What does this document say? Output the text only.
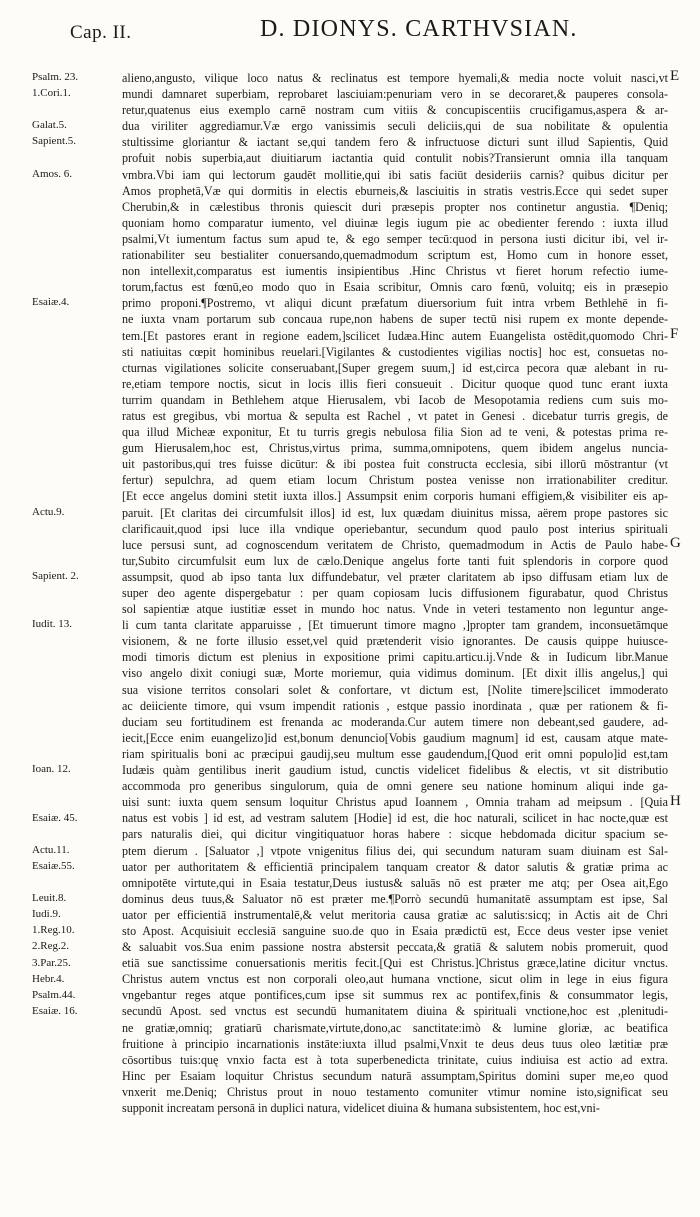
Cap. II.	D. DIONYS. CARTHVSIAN.
Psalm. 23.
1.Cori.1.
Galat.5.
Sapient.5.
Amos. 6.
Esaiæ.4.
Actu.9.
Sapient. 2.
Iudit. 13.
Ioan. 12.
Esaiæ. 45.
Actu.11.
Esaiæ.55.
Leuit.8.
Iudi.9.
1.Reg.10.
2.Reg.2.
3.Par.25.
Hebr.4.
Psalm.44.
Esaiæ. 16.
E
F
G
H
alieno,angusto, vilique loco natus & reclinatus est tempore hyemali,& media nocte voluit nasci,vt
mundi damnaret superbiam, reprobaret lasciuiam:penuriam vero in se decoraret,& pauperes consola-
retur,quatenus eius exemplo carnē nostram cum vitiis & concupiscentiis crucifigamus,aspera & ar-
dua viriliter aggrediamur.Væ ergo vanissimis seculi deliciis,qui de sua nobilitate & opulentia
stultissime gloriantur & iactant se,qui tandem fero & infructuose dicturi sunt illud Sapientis, Quid
profuit nobis superbia,aut diuitiarum iactantia quid contulit nobis?Transierunt omnia illa tanquam
vmbra.Vbi iam qui lectorum gaudēt mollitie,qui ibi satis faciūt desideriis carnis? quibus dicitur per
Amos prophetā,Væ qui dormitis in electis eburneis,& lasciuitis in stratis vestris.Ecce qui sedet super
Cherubin,& in cælestibus thronis quiescit duri præsepis propter nos continetur angustia. ¶Deniq;
quoniam homo comparatur iumento, vel diuinæ legis iugum pie ac obedienter ferendo : iuxta illud
psalmi,Vt iumentum factus sum apud te, & ego semper tecū:quod in persona iusti dicitur ibi, vel ir-
rationabiliter seu bestialiter conuersando,quemadmodum scriptum est, Homo cum in honore esset,
non intellexit,comparatus est iumentis insipientibus .Hinc Christus vt fieret horum refectio iume-
torum,factus est fœnū,eo modo quo in Esaia scribitur, Omnis caro fœnū, voluitq; eis in præsepio
primo proponi.¶Postremo, vt aliqui dicunt præfatum diuersorium fuit intra vrbem Bethlehē in fi-
ne iuxta vnam portarum sub concaua rupe,non habens de super tectū nisi rupem ex monte depende-
tem.[Et pastores erant in regione eadem,]scilicet Iudæa.Hinc autem Euangelista ostēdit,quomodo Chri-
sti natiuitas cœpit hominibus reuelari.[Vigilantes & custodientes vigilias noctis] hoc est, consuetas no-
cturnas vigilationes solicite conseruabant,[Super gregem suum,] id est,circa pecora quæ alebant in ru-
re,etiam tempore noctis, sicut in locis illis fieri consueuit . Dicitur quoque quod tunc erant iuxta
turrim quandam in Bethlehem atque Hierusalem, vbi Iacob de Mesopotamia rediens cum suis mo-
ratus est gregibus, vbi mortua & sepulta est Rachel , vt patet in Genesi . dicebatur turris gregis, de
qua illud Micheæ exponitur, Et tu turris gregis nebulosa filia Sion ad te veni, & potestas prima re-
gum Hierusalem,hoc est, Christus,virtus prima, summa,omnipotens, quem ibidem angelus nuncia-
uit pastoribus,qui tres fuisse dicūtur: & ibi postea fuit constructa ecclesia, sibi illorū mōstrantur (vt
fertur) sepulchra, ad quem etiam locum Christum postea venisse non irrationabiliter creditur.
[Et ecce angelus domini stetit iuxta illos.] Assumpsit enim corporis humani effigiem,& visibiliter eis ap-
paruit. [Et claritas dei circumfulsit illos] id est, lux quædam diuinitus missa, aërem prope pastores sic
clarificauit,quod ipsi luce illa vndique operiebantur, secundum quod paulo post interius spirituali
luce persusi sunt, ad cognoscendum veritatem de Christo, quemadmodum in Actis de Paulo habe-
tur,Subito circumfulsit eum lux de cælo.Denique angelus forte tanti fuit splendoris in corpore quod
assumpsit, quod ab ipso tanta lux diffundebatur, vel præter claritatem ab ipso diffusam etiam lux de
super deo agente dispergebatur : per quam copiosam lucis diffusionem figurabatur, quod Christus
sol sapientiæ atque iustitiæ esset in mundo hoc natus. Vnde in veteri testamento non leguntur ange-
li cum tanta claritate apparuisse , [Et timuerunt timore magno ,]propter tam grandem, inconsuetāmque
visionem, & ne forte illusio esset,vel quid prætenderit visio ignorantes. De causis quippe huiusce-
modi timoris dictum est plenius in expositione primi capitu.articu.ij.Vnde & in Iudicum libr.Manue
viso angelo dixit coniugi suæ, Morte moriemur, quia vidimus dominum. [Et dixit illis angelus,] qui
sua visione territos consolari solet & confortare, vt dictum est, [Nolite timere]scilicet immoderato
ac deiiciente timore, qui vsum impendit rationis , estque passio inordinata , quæ per rationem & fi-
duciam seu fortitudinem est frenanda ac moderanda.Cur autem timere non debeant,sed gaudere, ad-
iecit,[Ecce enim euangelizo]id est,bonum denuncio[Vobis gaudium magnum] id est, causam atque mate-
riam spiritualis boni ac præcipui gaudij,seu multum esse gaudendum,[Quod erit omni populo]id est,tam
Iudæis quàm gentilibus inerit gaudium istud, cunctis videlicet fidelibus & electis, vt sit distributio
accommoda pro generibus singulorum, quia de omni genere seu natione hominum aliqui inde ga-
uisi sunt: iuxta quem sensum loquitur Christus apud Ioannem , Omnia traham ad meipsum . [Quia
natus est vobis ] id est, ad vestram salutem [Hodie] id est, die hoc naturali, scilicet in hac nocte,quæ est
pars naturalis diei, qui dicitur vingitiquatuor horas habere : sicque hebdomada dicitur spacium se-
ptem dierum . [Saluator ,] vtpote vnigenitus filius dei, qui secundum naturam suam diuinam est Sal-
uator per authoritatem & efficientiā principalem tanquam creator & dator salutis & gratiæ prima ac
omnipotēte virtute,qui in Esaia testatur,Deus iustus& saluās nō est præter me atq; per Osea ait,Ego
dominus deus tuus,& Saluator nō est præter me.¶Porrò secundū humanitatē assumptam est ipse, Sal
uator per efficientiā instrumentalē,& velut meritoria causa gratiæ ac salutis:sicq; in Actis ait de Chri
sto Apost. Acquisiuit ecclesiā sanguine suo.de quo in Esaia prædictū est, Ecce deus vester ipse veniet
& saluabit vos.Sua enim passione nostra abstersit peccata,& gratiā & salutem nobis promeruit, quod
etiā sue sanctissime conuersationis meritis fecit.[Qui est Christus.]Christus græce,latine dicitur vnctus.
Christus autem vnctus est non corporali oleo,aut humana vnctione, sicut olim in lege in eius figura
vngebantur reges atque pontifices,cum ipse sit summus rex ac pontifex,finis & consummator legis,
secundū Apost. sed vnctus est secundū humanitatem diuina & spirituali vnctione,hoc est ,plenitudi-
ne gratiæ,omniq; gratiarū charismate,virtute,dono,ac sanctitate:imò & lumine gloriæ, ac beatifica
fruitione à principio incarnationis instāte:iuxta illud psalmi,Vnxit te deus deus tuus oleo lætitiæ præ
cōsortibus tuis:quę vnxio facta est à tota superbenedicta trinitate, cuius indiuisa est actio ad extra.
Hinc per Esaiam loquitur Christus secundum naturā assumptam,Spiritus domini super me,eo quod
vnxerit me.Deniq; Christus prout in nouo testamento comuniter vtimur nomine isto,significat seu
supponit increatam personā in duplici natura, videlicet diuina & humana subsistentem, hoc est,vni-
